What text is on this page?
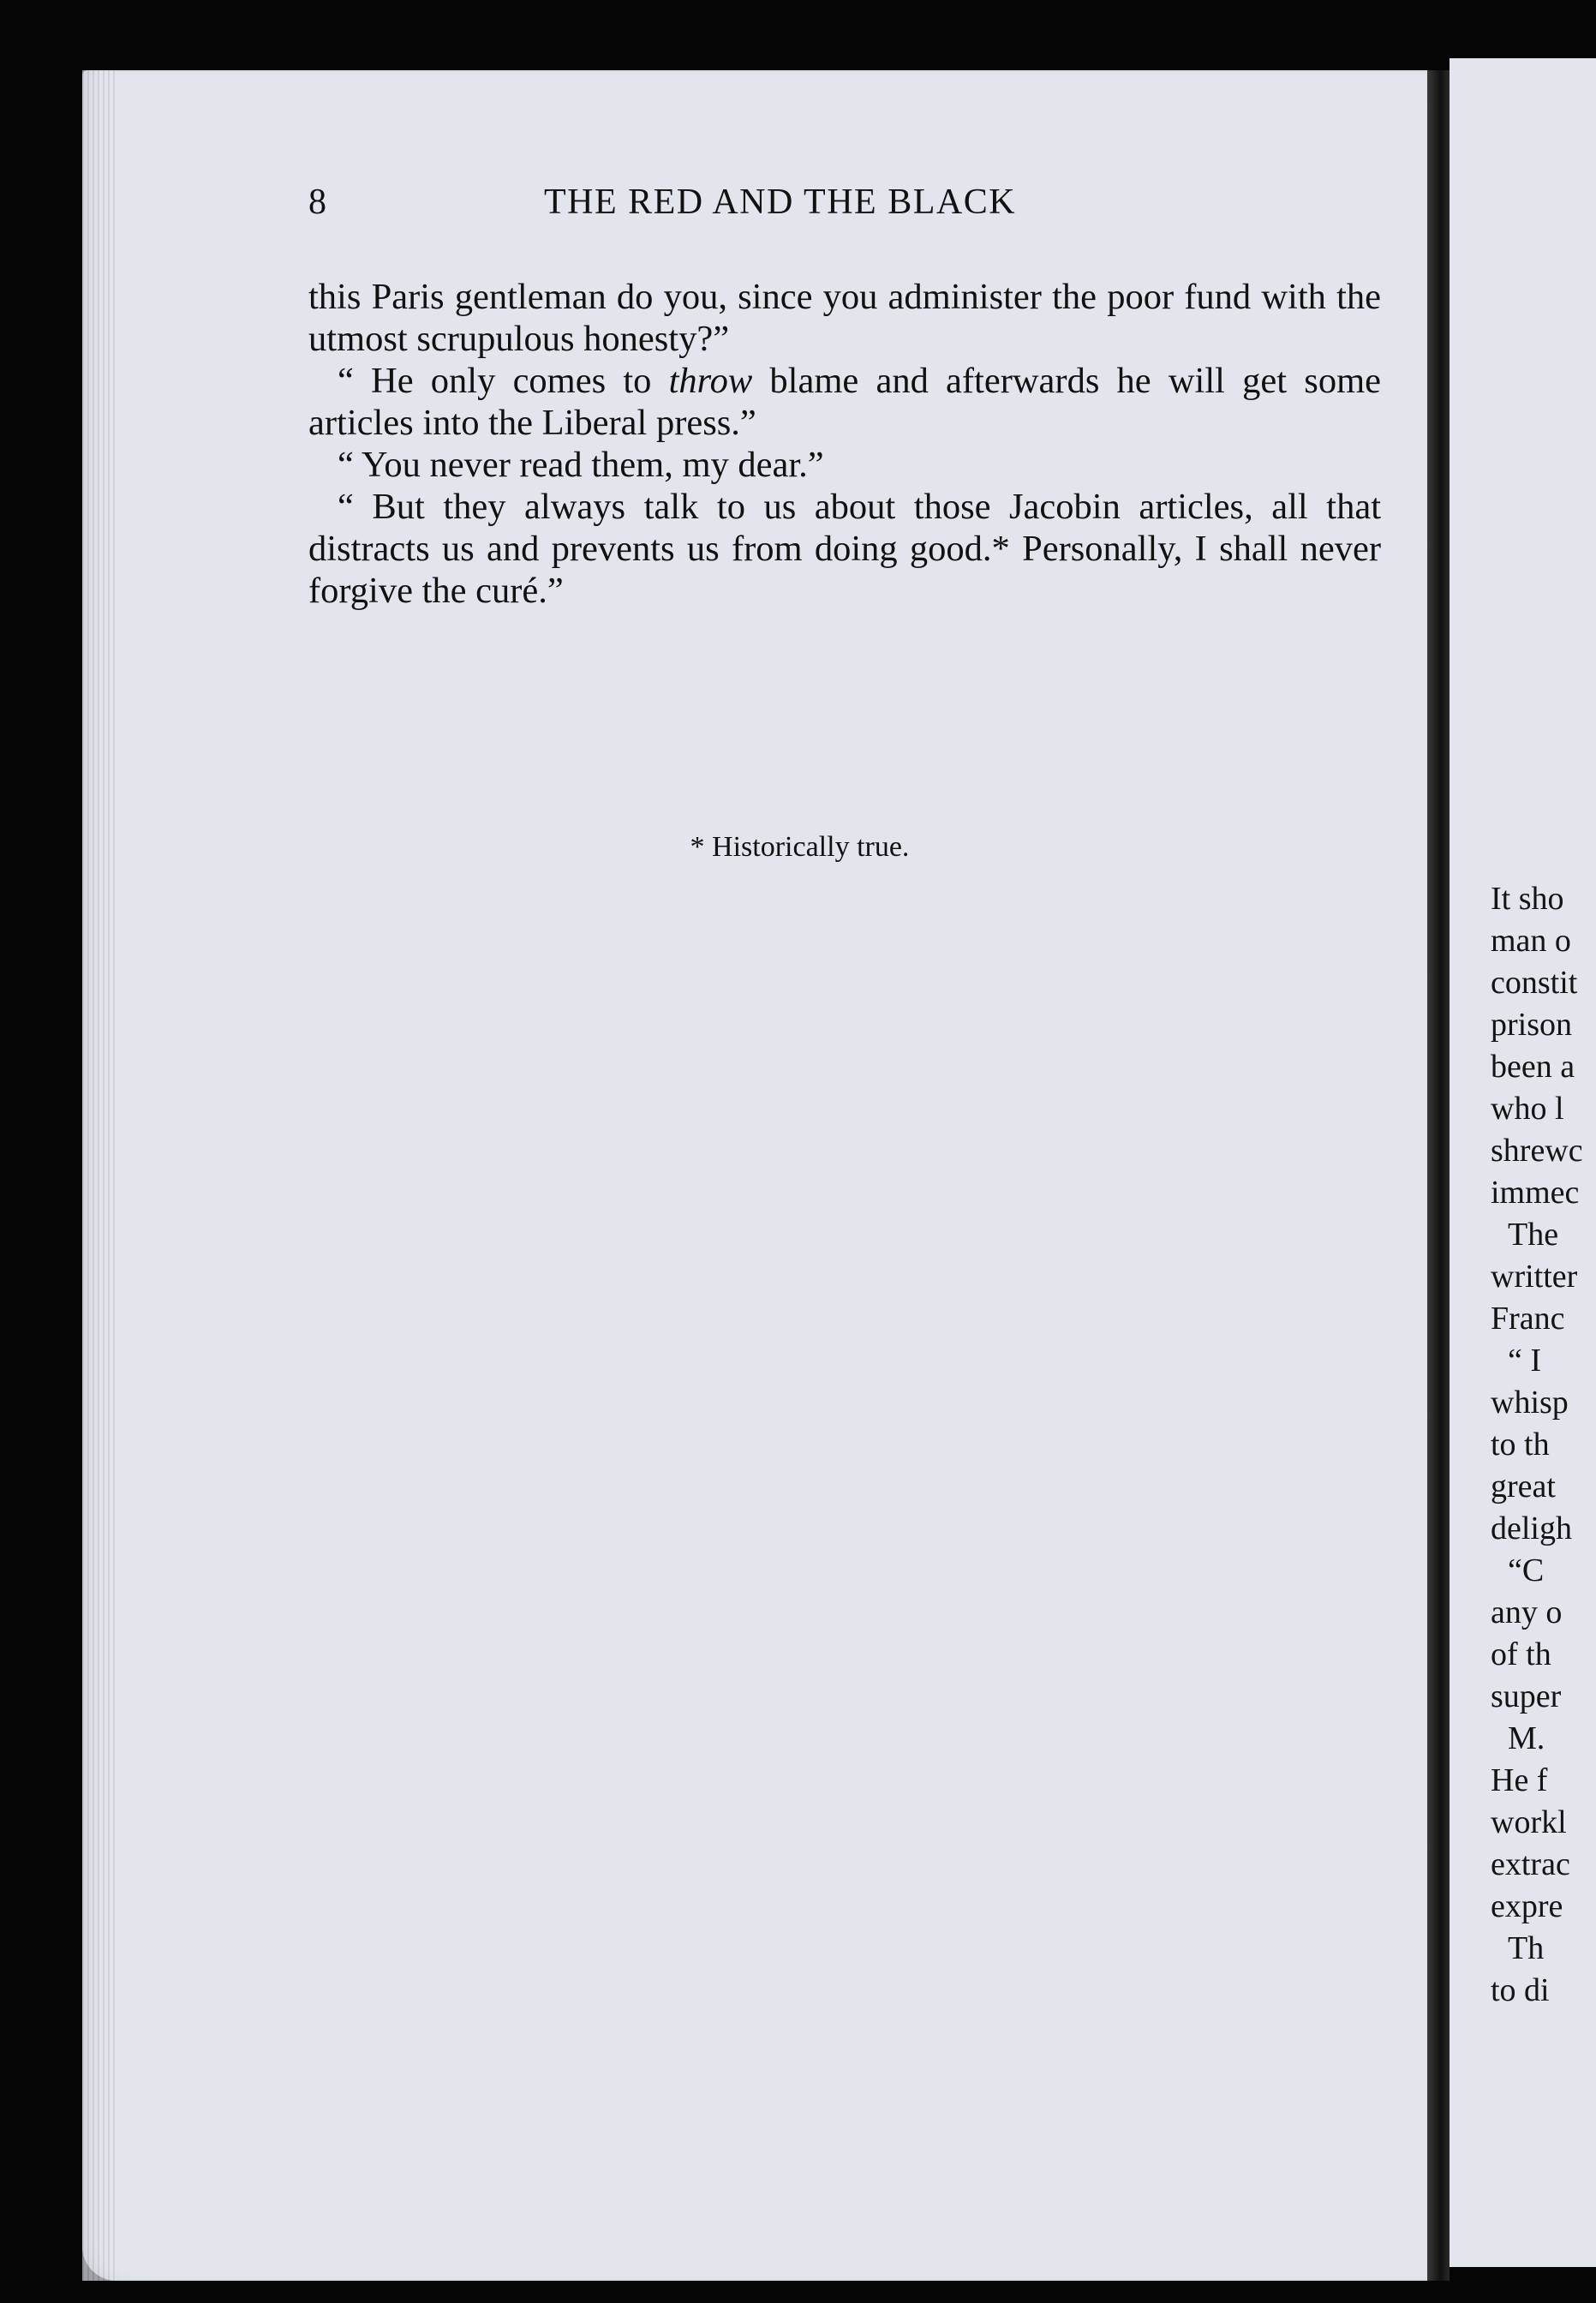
It sho
man o
constit
prison
been a
who l
shrewc
immec
The
writter
Franc
“ I
whisp
to th
great
deligh
“C
any o
of th
super
M.
He f
workl
extrac
expre
Th
to di
8	THE RED AND THE BLACK

this Paris gentleman do you, since you administer the poor fund with the utmost scrupulous honesty?”

“ He only comes to throw blame and afterwards he will get some articles into the Liberal press.”

“ You never read them, my dear.”

“ But they always talk to us about those Jacobin articles, all that distracts us and prevents us from doing good.* Personally, I shall never forgive the curé.”

* Historically true.
